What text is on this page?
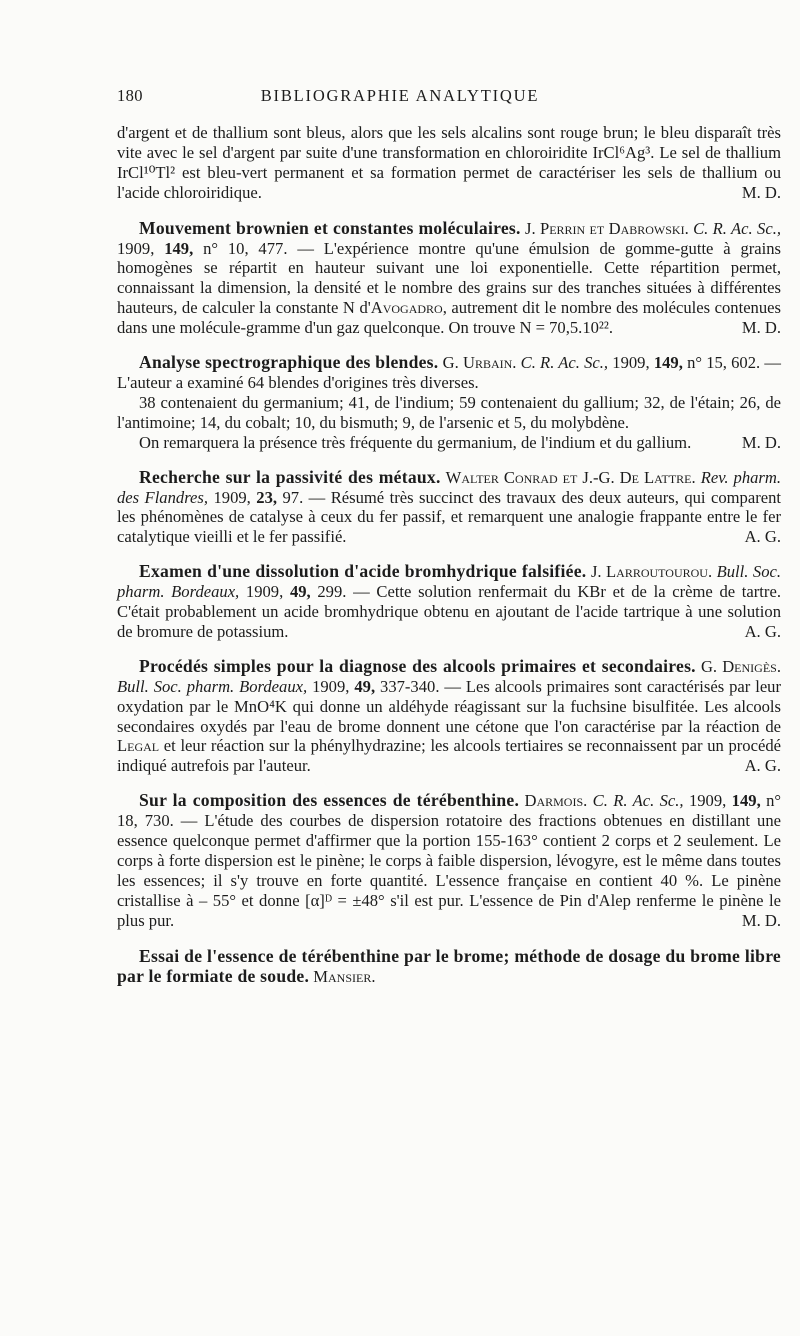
180	BIBLIOGRAPHIE ANALYTIQUE

d'argent et de thallium sont bleus, alors que les sels alcalins sont rouge brun; le bleu disparaît très vite avec le sel d'argent par suite d'une transformation en chloroiridite IrCl⁶Ag³. Le sel de thallium IrCl¹⁰Tl² est bleu-vert permanent et sa formation permet de caractériser les sels de thallium ou l'acide chloroiridique.	M. D.

Mouvement brownien et constantes moléculaires. J. Perrin et Dabrowski. C. R. Ac. Sc., 1909, 149, n° 10, 477. — L'expérience montre qu'une émulsion de gomme-gutte à grains homogènes se répartit en hauteur suivant une loi exponentielle. Cette répartition permet, connaissant la dimension, la densité et le nombre des grains sur des tranches situées à différentes hauteurs, de calculer la constante N d'Avogadro, autrement dit le nombre des molécules contenues dans une molécule-gramme d'un gaz quelconque. On trouve N = 70,5.10²².	M. D.

Analyse spectrographique des blendes. G. Urbain. C. R. Ac. Sc., 1909, 149, n° 15, 602. — L'auteur a examiné 64 blendes d'origines très diverses.

38 contenaient du germanium; 41, de l'indium; 59 contenaient du gallium; 32, de l'étain; 26, de l'antimoine; 14, du cobalt; 10, du bismuth; 9, de l'arsenic et 5, du molybdène.

On remarquera la présence très fréquente du germanium, de l'indium et du gallium.	M. D.

Recherche sur la passivité des métaux. Walter Conrad et J.-G. De Lattre. Rev. pharm. des Flandres, 1909, 23, 97. — Résumé très succinct des travaux des deux auteurs, qui comparent les phénomènes de catalyse à ceux du fer passif, et remarquent une analogie frappante entre le fer catalytique vieilli et le fer passifié.	A. G.

Examen d'une dissolution d'acide bromhydrique falsifiée. J. Larroutourou. Bull. Soc. pharm. Bordeaux, 1909, 49, 299. — Cette solution renfermait du KBr et de la crème de tartre. C'était probablement un acide bromhydrique obtenu en ajoutant de l'acide tartrique à une solution de bromure de potassium.	A. G.

Procédés simples pour la diagnose des alcools primaires et secondaires. G. Denigès. Bull. Soc. pharm. Bordeaux, 1909, 49, 337-340. — Les alcools primaires sont caractérisés par leur oxydation par le MnO⁴K qui donne un aldéhyde réagissant sur la fuchsine bisulfitée. Les alcools secondaires oxydés par l'eau de brome donnent une cétone que l'on caractérise par la réaction de Legal et leur réaction sur la phénylhydrazine; les alcools tertiaires se reconnaissent par un procédé indiqué autrefois par l'auteur.	A. G.

Sur la composition des essences de térébenthine. Darmois. C. R. Ac. Sc., 1909, 149, n° 18, 730. — L'étude des courbes de dispersion rotatoire des fractions obtenues en distillant une essence quelconque permet d'affirmer que la portion 155-163° contient 2 corps et 2 seulement. Le corps à forte dispersion est le pinène; le corps à faible dispersion, lévogyre, est le même dans toutes les essences; il s'y trouve en forte quantité. L'essence française en contient 40 %. Le pinène cristallise à – 55° et donne [α]ᴰ = ±48° s'il est pur. L'essence de Pin d'Alep renferme le pinène le plus pur.	M. D.

Essai de l'essence de térébenthine par le brome; méthode de dosage du brome libre par le formiate de soude. Mansier.
